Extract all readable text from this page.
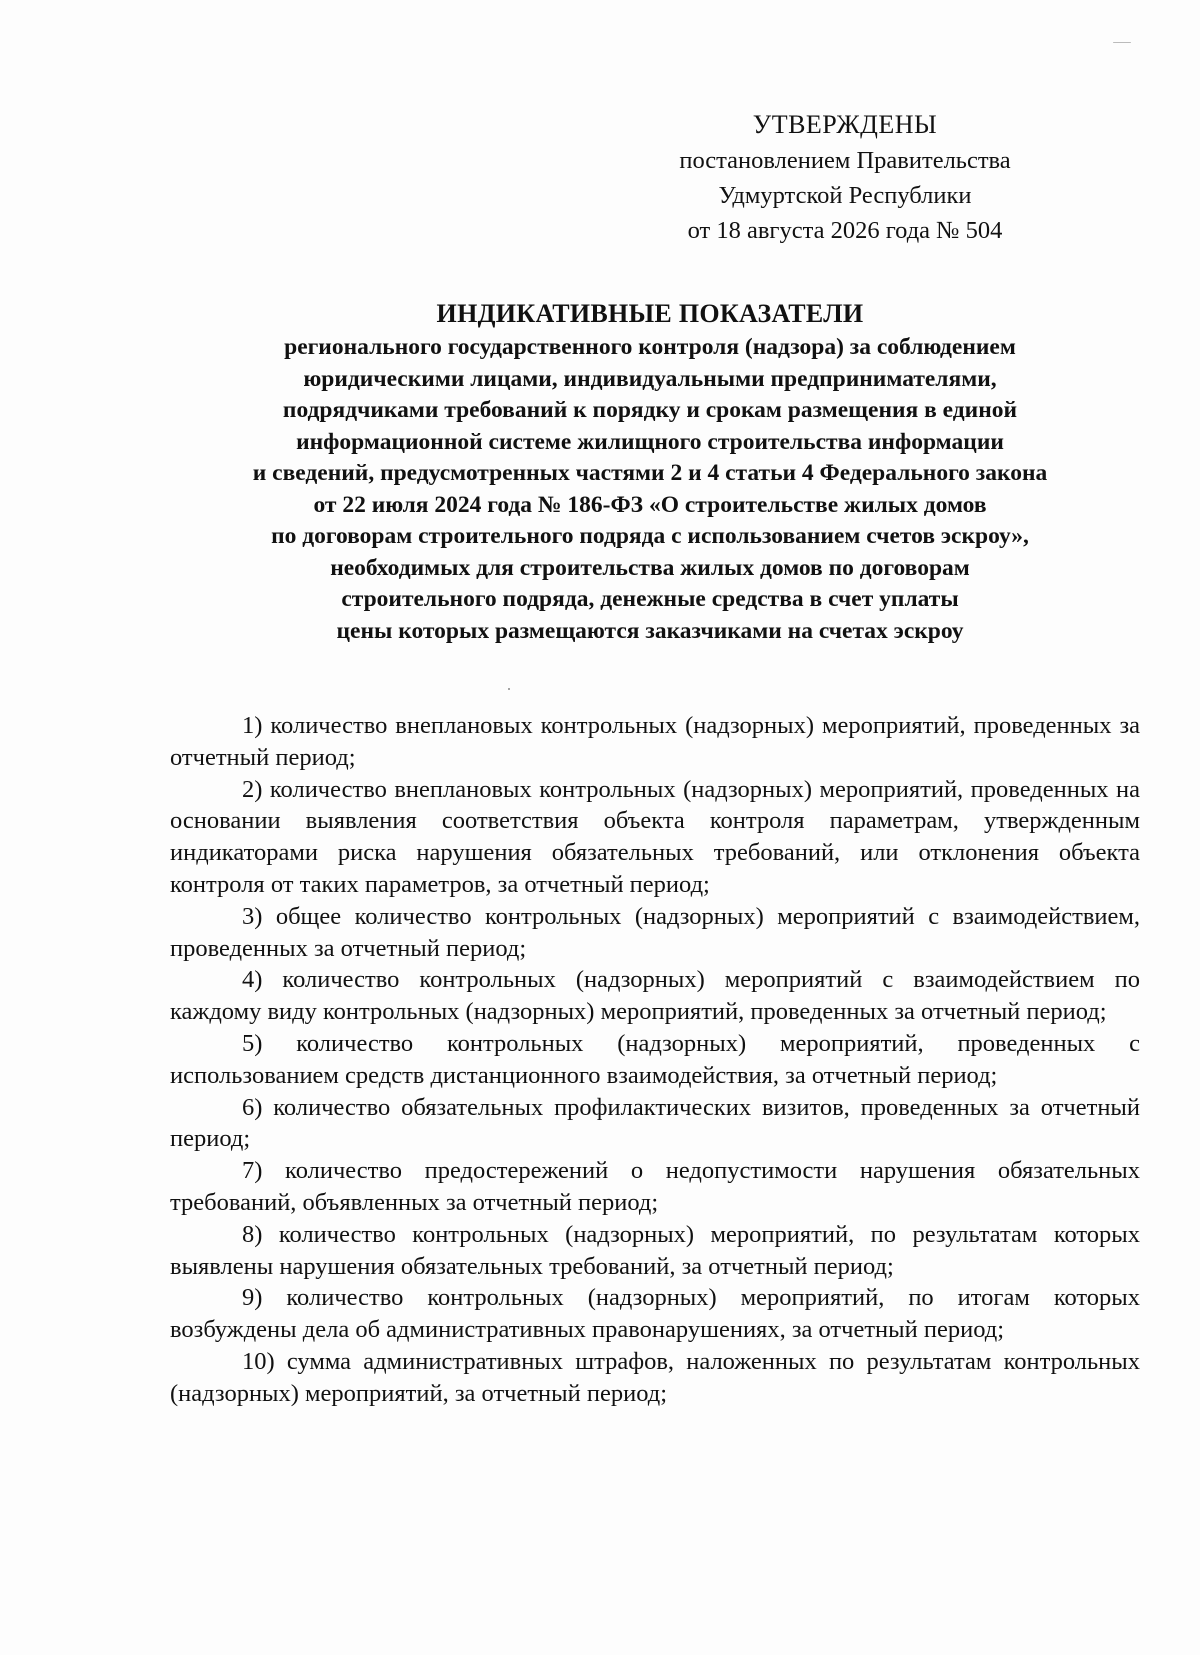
УТВЕРЖДЕНЫ
постановлением Правительства
Удмуртской Республики
от 18 августа 2026 года № 504
ИНДИКАТИВНЫЕ ПОКАЗАТЕЛИ
регионального государственного контроля (надзора) за соблюдением
юридическими лицами, индивидуальными предпринимателями,
подрядчиками требований к порядку и срокам размещения в единой
информационной системе жилищного строительства информации
и сведений, предусмотренных частями 2 и 4 статьи 4 Федерального закона
от 22 июля 2024 года № 186-ФЗ «О строительстве жилых домов
по договорам строительного подряда с использованием счетов эскроу»,
необходимых для строительства жилых домов по договорам
строительного подряда, денежные средства в счет уплаты
цены которых размещаются заказчиками на счетах эскроу

1) количество внеплановых контрольных (надзорных) мероприятий, проведенных за отчетный период;

2) количество внеплановых контрольных (надзорных) мероприятий, проведенных на основании выявления соответствия объекта контроля параметрам, утвержденным индикаторами риска нарушения обязательных требований, или отклонения объекта контроля от таких параметров, за отчетный период;

3) общее количество контрольных (надзорных) мероприятий с взаимодействием, проведенных за отчетный период;

4) количество контрольных (надзорных) мероприятий с взаимодействием по каждому виду контрольных (надзорных) мероприятий, проведенных за отчетный период;

5) количество контрольных (надзорных) мероприятий, проведенных с использованием средств дистанционного взаимодействия, за отчетный период;

6) количество обязательных профилактических визитов, проведенных за отчетный период;

7) количество предостережений о недопустимости нарушения обязательных требований, объявленных за отчетный период;

8) количество контрольных (надзорных) мероприятий, по результатам которых выявлены нарушения обязательных требований, за отчетный период;

9) количество контрольных (надзорных) мероприятий, по итогам которых возбуждены дела об административных правонарушениях, за отчетный период;

10) сумма административных штрафов, наложенных по результатам контрольных (надзорных) мероприятий, за отчетный период;
